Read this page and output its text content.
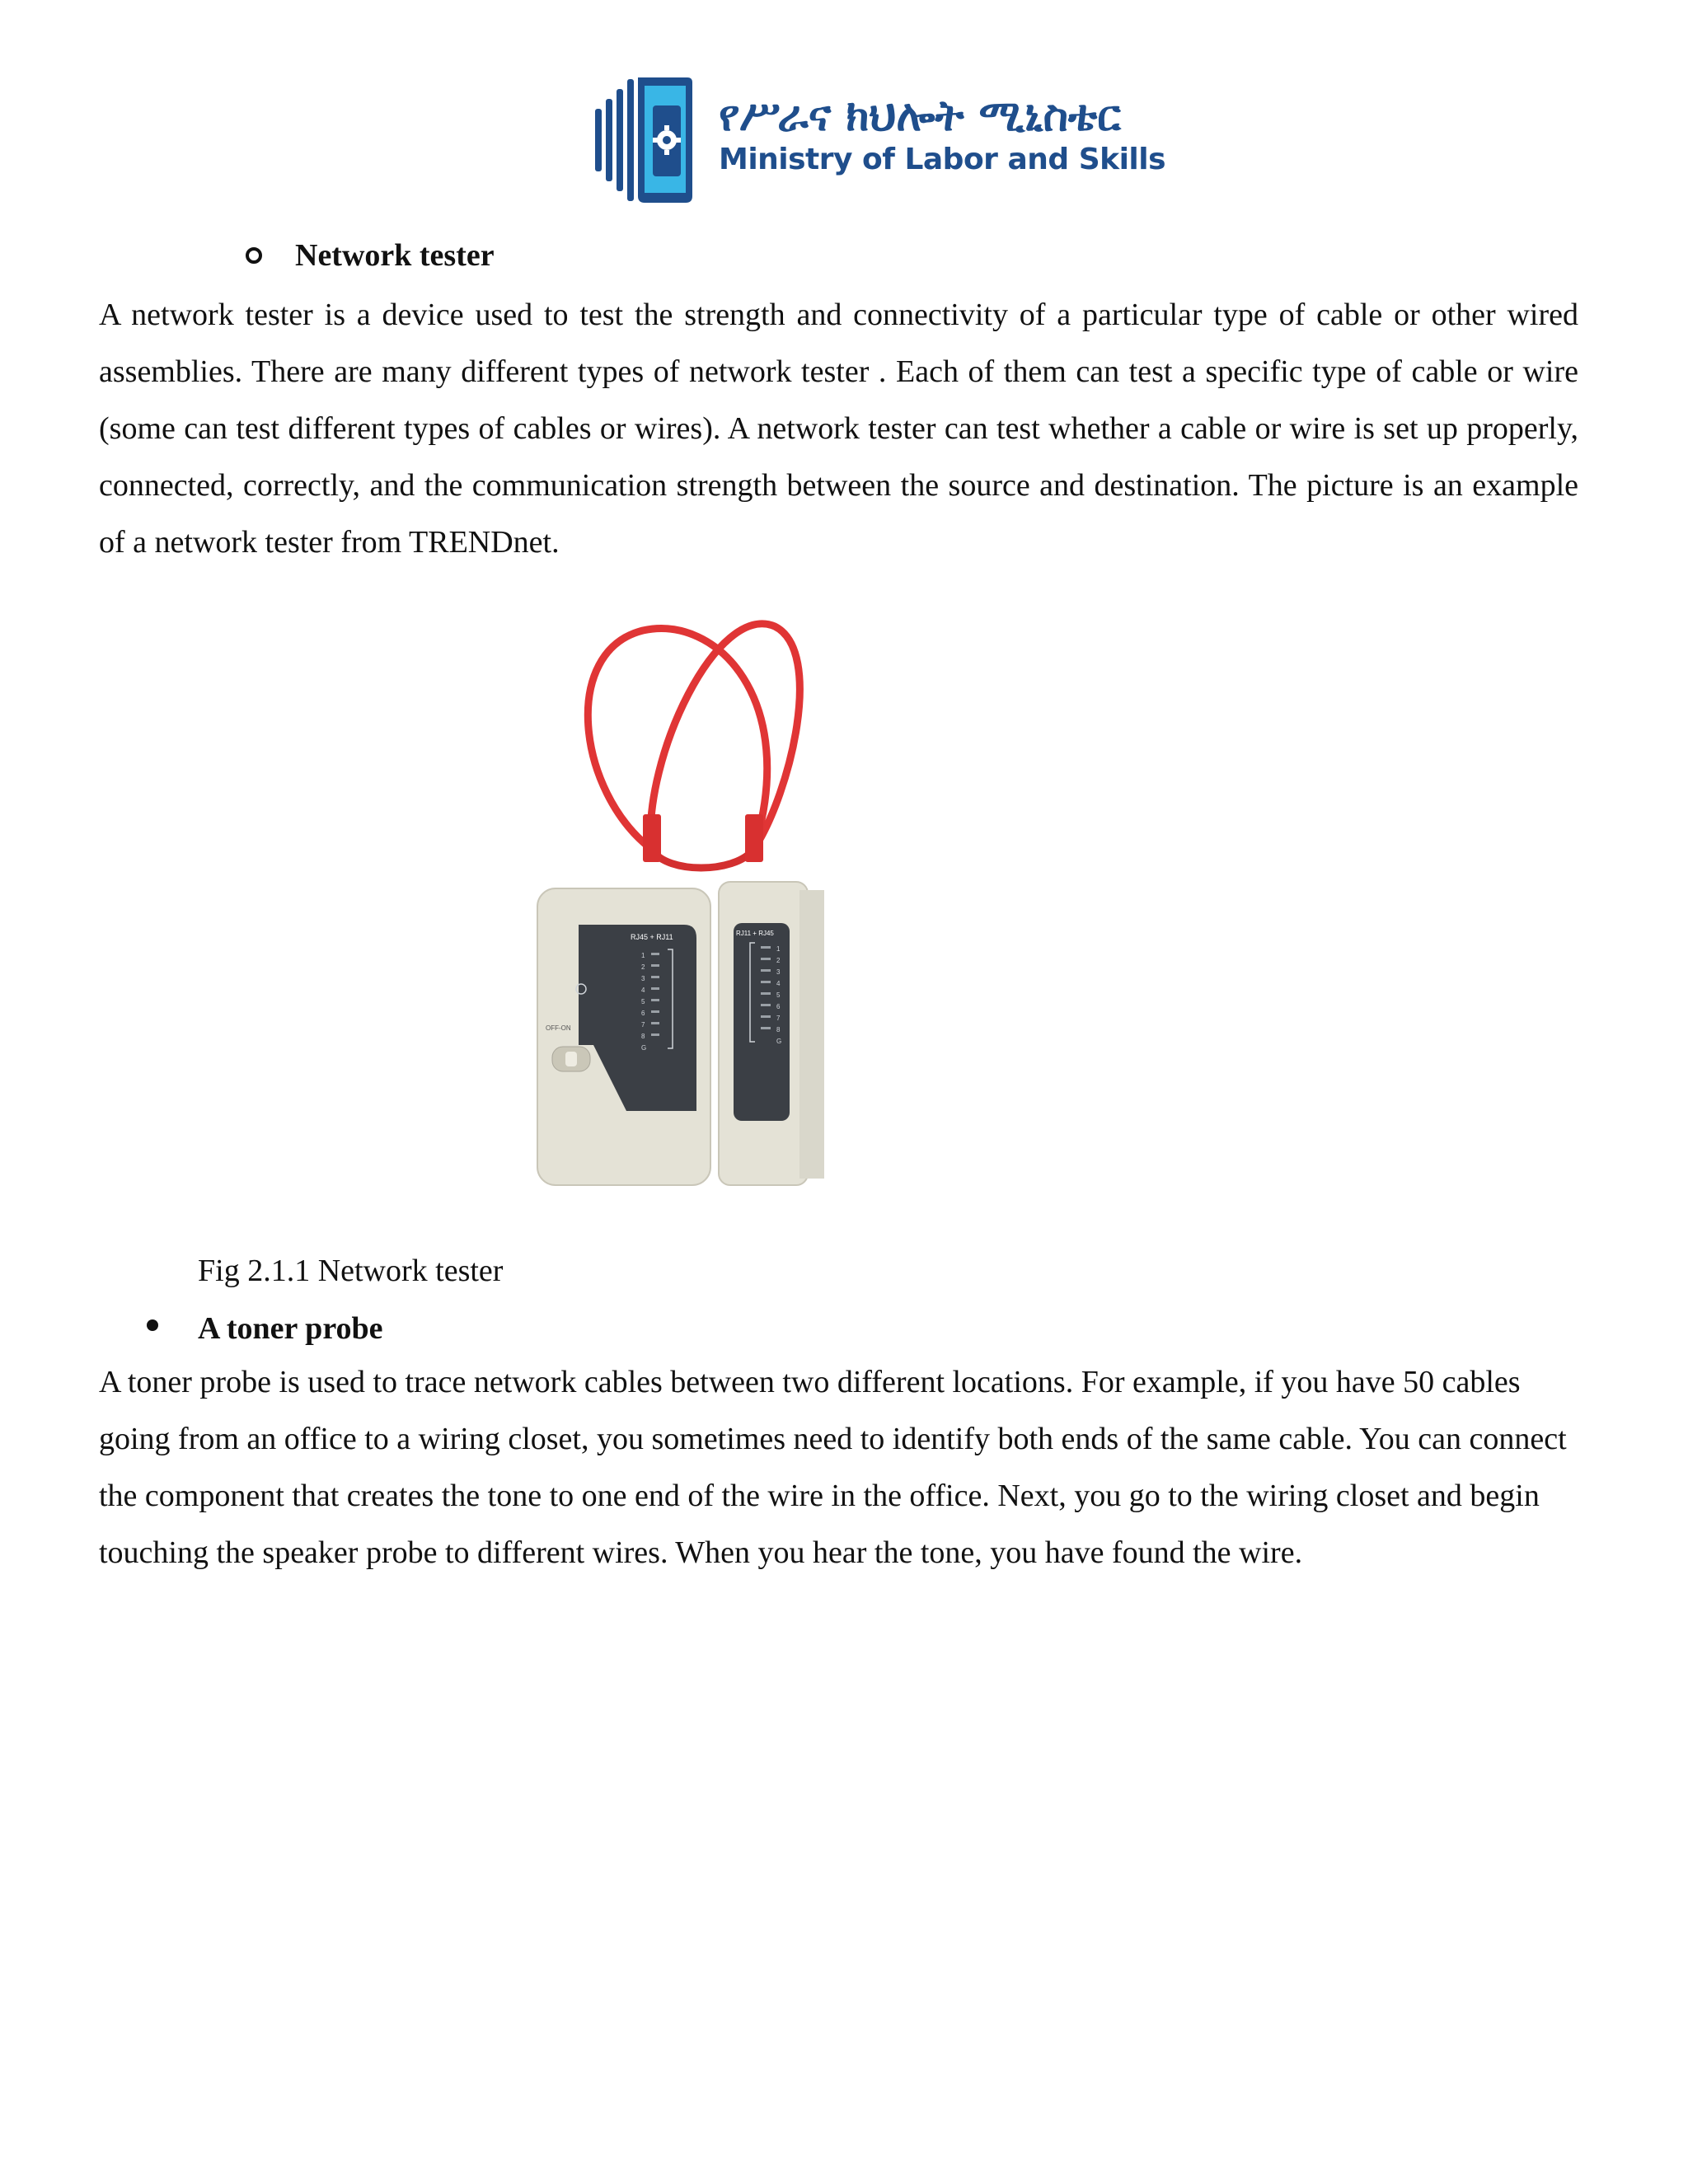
የሥራና ክህሎት ሚኒስቴር
Ministry of Labor and Skills
Network tester
A network tester is a device used to test the strength and connectivity of a particular type of cable or other wired assemblies. There are many different types of network tester . Each of them can test a specific type of cable or wire (some can test different types of cables or wires). A network tester can test whether a cable or wire is set up properly, connected, correctly, and the communication strength between the source and destination. The picture is an example of a network tester from TRENDnet.
RJ45 + RJ11
1
2
3
4
5
6
7
8
G
OFF-ON
RJ11 + RJ45
1
2
3
4
5
6
7
8
G
Fig 2.1.1 Network tester
A toner probe
A toner probe is used to trace network cables between two different locations. For example, if you have 50 cables going from an office to a wiring closet, you sometimes need to identify both ends of the same cable. You can connect the component that creates the tone to one end of the wire in the office. Next, you go to the wiring closet and begin touching the speaker probe to different wires. When you hear the tone, you have found the wire.
